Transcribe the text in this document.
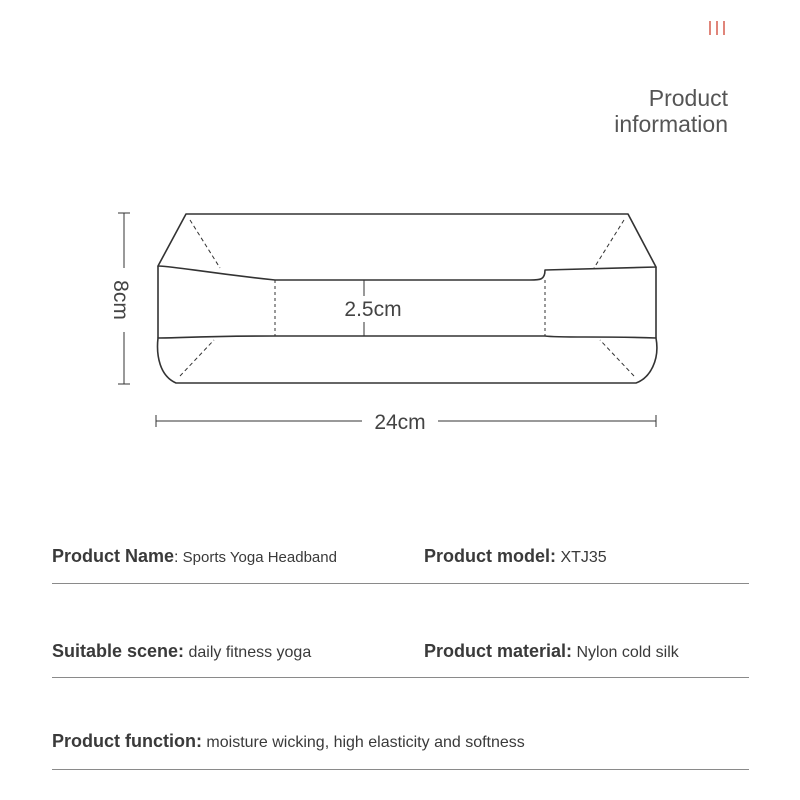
Product
information
2.5cm
8cm
24cm
Product Name: Sports Yoga Headband	Product model: XTJ35
Suitable scene: daily fitness yoga	Product material: Nylon cold silk
Product function: moisture wicking, high elasticity and softness
